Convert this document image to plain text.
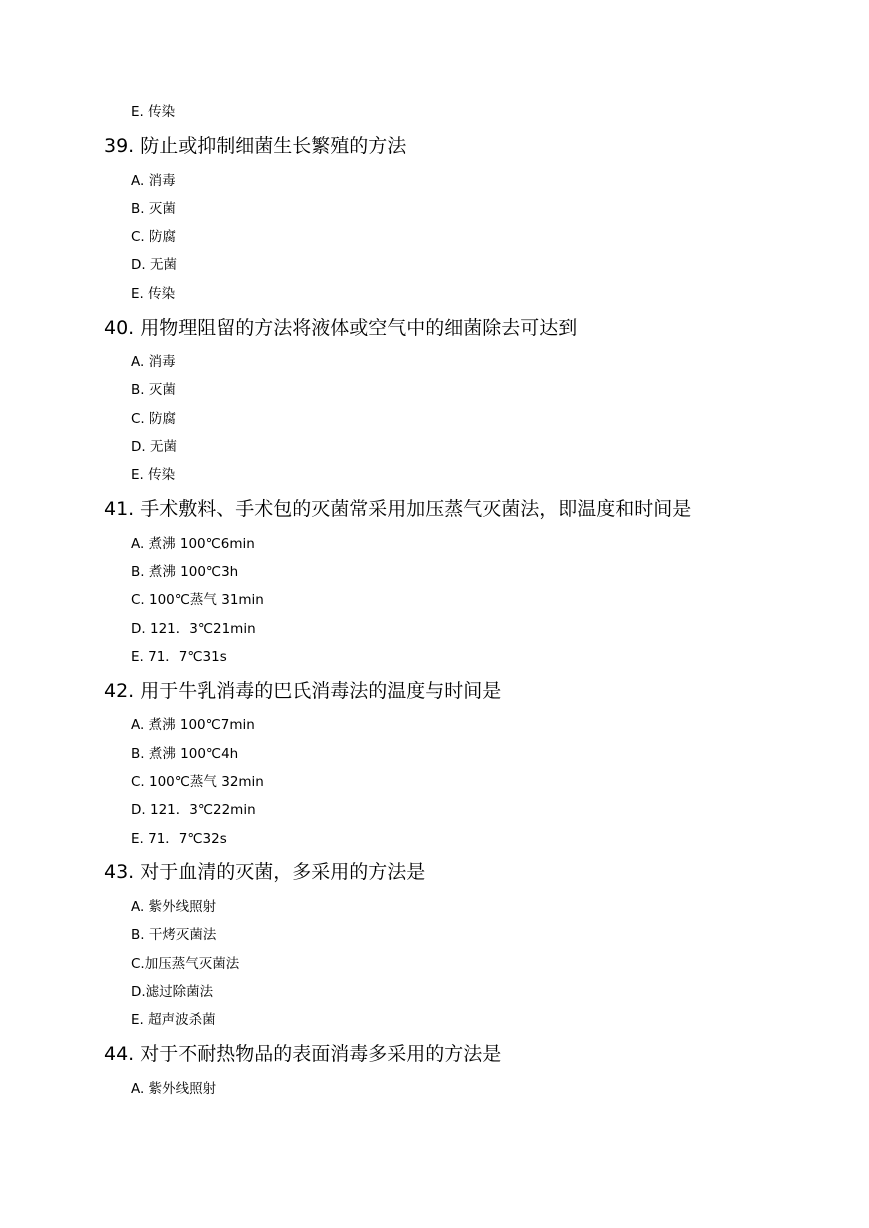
E. 传染
39. 防止或抑制细菌生长繁殖的方法
A. 消毒
B. 灭菌
C. 防腐
D. 无菌
E. 传染
40. 用物理阻留的方法将液体或空气中的细菌除去可达到
A. 消毒
B. 灭菌
C. 防腐
D. 无菌
E. 传染
41. 手术敷料、手术包的灭菌常采用加压蒸气灭菌法，即温度和时间是
A. 煮沸 100℃6min
B. 煮沸 100℃3h
C. 100℃蒸气 31min
D. 121．3℃21min
E. 71．7℃31s
42. 用于牛乳消毒的巴氏消毒法的温度与时间是
A. 煮沸 100℃7min
B. 煮沸 100℃4h
C. 100℃蒸气 32min
D. 121．3℃22min
E. 71．7℃32s
43. 对于血清的灭菌，多采用的方法是
A. 紫外线照射
B. 干烤灭菌法
C.加压蒸气灭菌法
D.滤过除菌法
E. 超声波杀菌
44. 对于不耐热物品的表面消毒多采用的方法是
A. 紫外线照射
